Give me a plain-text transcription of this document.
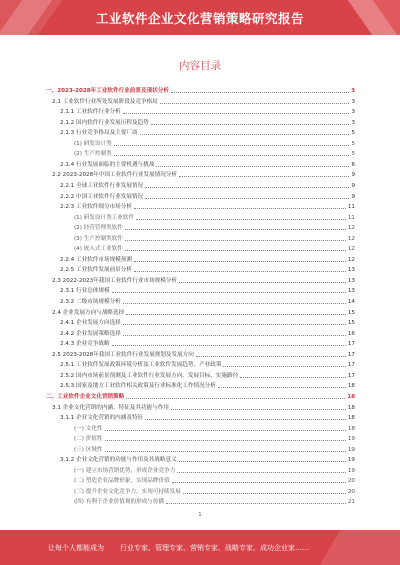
工业软件企业文化营销策略研究报告
内容目录
一、2023-2028年工业软件行业前景及现状分析	3
2.1 工业软件行业所处发展阶段及竞争格局	3
2.1.1 工业软件行业分析	3
2.1.2 国内软件行业发展历程及趋势	3
2.1.3 行业竞争格局及主要厂商	5
(1) 研发设计类	5
(2) 生产控制类	5
2.1.4 行业发展面临的主要机遇与挑战	6
2.2 2023-2028年中国工业软件行业发展情况分析	9
2.2.1 全球工业软件行业发展情况	9
2.2.2 中国工业软件行业发展情况	9
2.2.3 工业软件细分市场分析	11
(1) 研发设计类工业软件	11
(2) 经营管理类软件	12
(3) 生产控制类软件	12
(4) 嵌入式工业软件	12
2.2.4 工业软件市场规模预测	12
2.2.5 工业软件发展前景分析	13
2.3 2022-2023年我国工业软件行业市场规模分析	13
2.3.1 行业总体规模	13
2.3.2 二级市场规模分析	14
2.4 企业发展方向与战略选择	15
2.4.1 企业发展方向选择	15
2.4.2 企业发展策略选择	16
2.4.3 企业竞争战略	17
2.5 2023-2028年我国工业软件行业发展规划及发展方向	17
2.5.1 工业软件发展政策环境分析及工业软件发展趋势，产业政策	17
2.5.2 国内市场前景预测及工业软件行业发展方向、发展目标、实施路径	17
2.5.3 国家及地方工业软件相关政策及行业标准化工作情况分析	18
二、工业软件企业文化营销策略	18
3.1 企业文化营销的内涵、特征及其功能与作用	18
3.1.1 企业文化营销的内涵及特征	18
(一) 文化性	18
(二) 价值性	19
(三) 区域性	19
3.1.2 企业文化营销的功能与作用及其战略意义	19
(一) 建立市场营销优势，形成企业竞争力	19
(二) 塑造企业品牌形象，实现品牌价值	20
(三) 提升企业文化竞争力，实现可持续发展	20
(四) 有利于企业价值观的形成与传播	21
1
让每个人都能成为 行业专家、管理专家、营销专家、战略专家、成功企业家……
